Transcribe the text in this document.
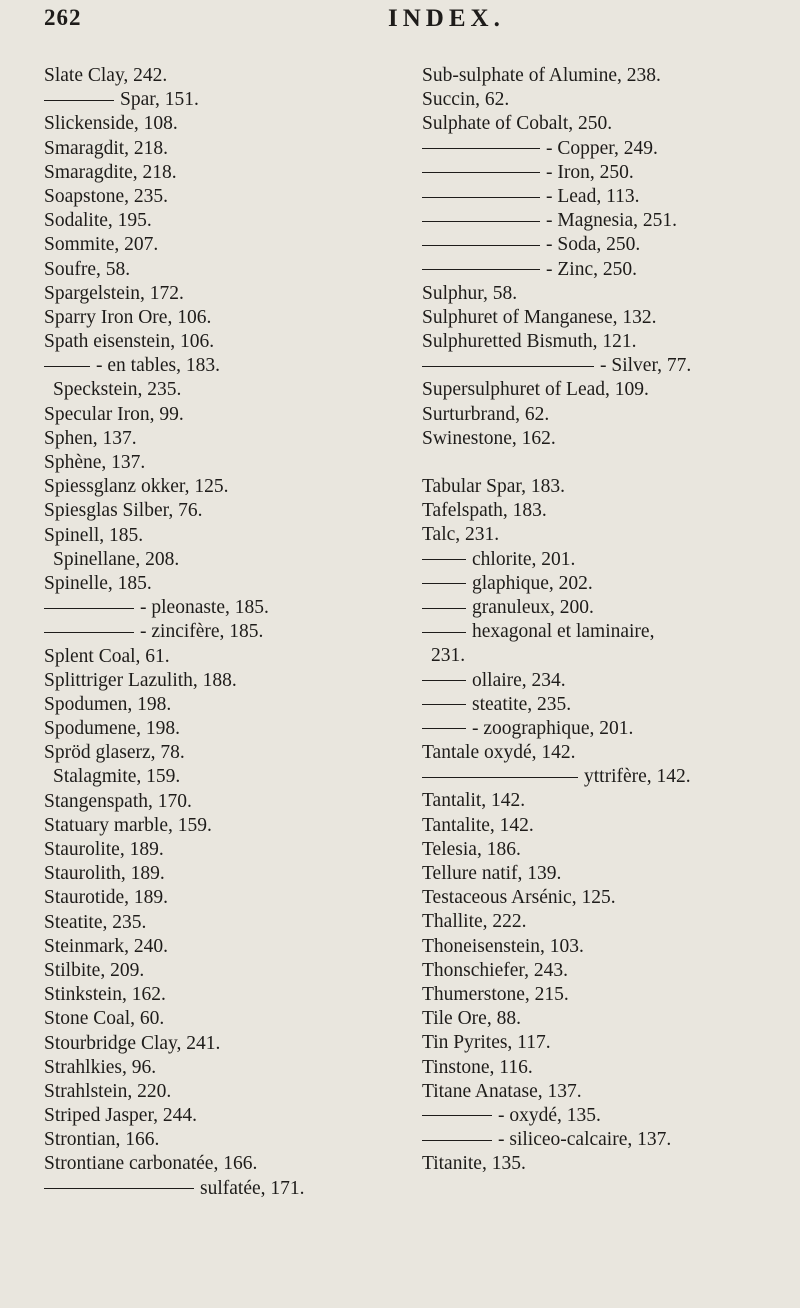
262	INDEX.
Slate Clay, 242.
Spar, 151.
Slickenside, 108.
Smaragdit, 218.
Smaragdite, 218.
Soapstone, 235.
Sodalite, 195.
Sommite, 207.
Soufre, 58.
Spargelstein, 172.
Sparry Iron Ore, 106.
Spath eisenstein, 106.
- en tables, 183.
Speckstein, 235.
Specular Iron, 99.
Sphen, 137.
Sphène, 137.
Spiessglanz okker, 125.
Spiesglas Silber, 76.
Spinell, 185.
Spinellane, 208.
Spinelle, 185.
- pleonaste, 185.
- zincifère, 185.
Splent Coal, 61.
Splittriger Lazulith, 188.
Spodumen, 198.
Spodumene, 198.
Spröd glaserz, 78.
Stalagmite, 159.
Stangenspath, 170.
Statuary marble, 159.
Staurolite, 189.
Staurolith, 189.
Staurotide, 189.
Steatite, 235.
Steinmark, 240.
Stilbite, 209.
Stinkstein, 162.
Stone Coal, 60.
Stourbridge Clay, 241.
Strahlkies, 96.
Strahlstein, 220.
Striped Jasper, 244.
Strontian, 166.
Strontiane carbonatée, 166.
sulfatée, 171.
Sub-sulphate of Alumine, 238.
Succin, 62.
Sulphate of Cobalt, 250.
- Copper, 249.
- Iron, 250.
- Lead, 113.
- Magnesia, 251.
- Soda, 250.
- Zinc, 250.
Sulphur, 58.
Sulphuret of Manganese, 132.
Sulphuretted Bismuth, 121.
- Silver, 77.
Supersulphuret of Lead, 109.
Surturbrand, 62.
Swinestone, 162.
Tabular Spar, 183.
Tafelspath, 183.
Talc, 231.
chlorite, 201.
glaphique, 202.
granuleux, 200.
hexagonal et laminaire,
231.
ollaire, 234.
steatite, 235.
- zoographique, 201.
Tantale oxydé, 142.
yttrifère, 142.
Tantalit, 142.
Tantalite, 142.
Telesia, 186.
Tellure natif, 139.
Testaceous Arsénic, 125.
Thallite, 222.
Thoneisenstein, 103.
Thonschiefer, 243.
Thumerstone, 215.
Tile Ore, 88.
Tin Pyrites, 117.
Tinstone, 116.
Titane Anatase, 137.
- oxydé, 135.
- siliceo-calcaire, 137.
Titanite, 135.
